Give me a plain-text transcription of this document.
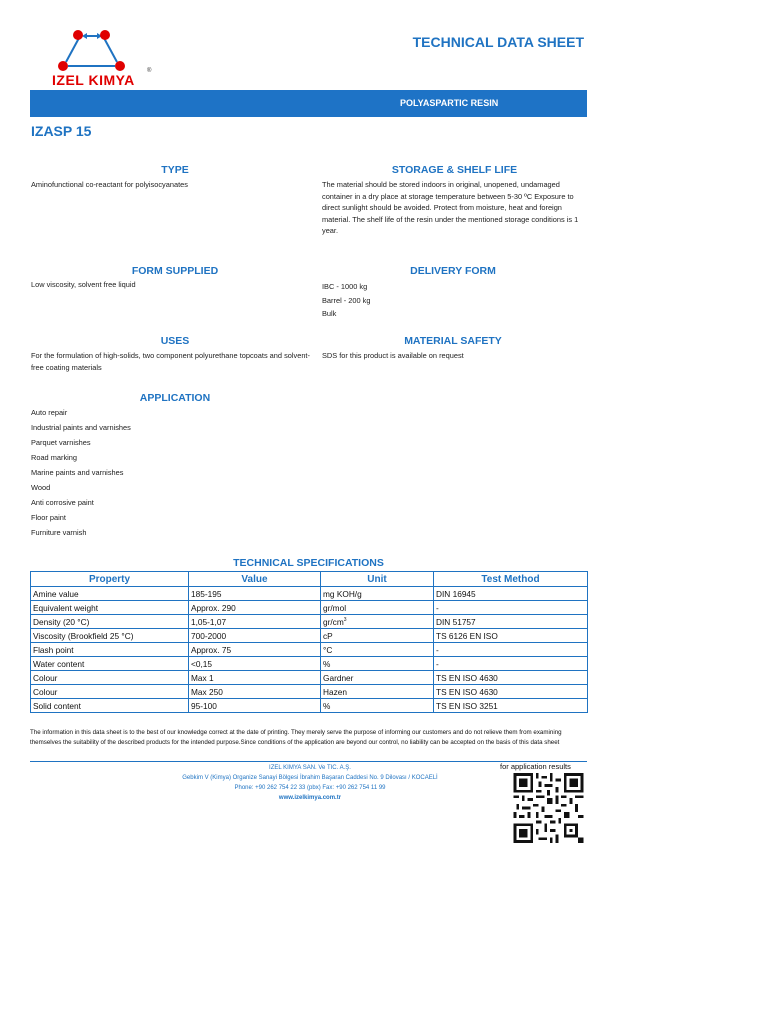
IZEL KIMYA
®
TECHNICAL DATA SHEET
POLYASPARTIC RESIN
IZASP 15
TYPE
Aminofunctional co-reactant for polyisocyanates
STORAGE & SHELF LIFE
The material should be stored indoors in original, unopened, undamaged container in a dry place at storage temperature between 5-30 ºC Exposure to direct sunlight should be avoided. Protect from moisture, heat and foreign material. The shelf life of the resin under the mentioned storage conditions is 1 year.
FORM SUPPLIED
Low viscosity, solvent free liquid
DELIVERY FORM
IBC - 1000 kg
Barrel - 200 kg
Bulk
USES
For the formulation of high-solids, two component polyurethane topcoats and solvent-free coating materials
MATERIAL SAFETY
SDS for this product is available on request
APPLICATION
Auto repair
Industrial paints and varnishes
Parquet varnishes
Road marking
Marine paints and varnishes
Wood
Anti corrosive paint
Floor paint
Furniture varnish
TECHNICAL SPECIFICATIONS
Property	Value	Unit	Test Method
Amine value	185-195	mg KOH/g	DIN 16945
Equivalent weight	Approx. 290	gr/mol	-
Density (20 °C)	1,05-1,07	$gr/cm^3$	DIN 51757
Viscosity (Brookfield 25 °C)	700-2000	cP	TS 6126 EN ISO
Flash point	Approx. 75	°C	-
Water content	<0,15	%	-
Colour	Max 1	Gardner	TS EN ISO 4630
Colour	Max 250	Hazen	TS EN ISO 4630
Solid content	95-100	%	TS EN ISO 3251
The information in this data sheet is to the best of our knowledge correct at the date of printing. They merely serve the purpose of informing our customers and do not relieve them from examining themselves the suitability of the described products for the intended purpose.Since conditions of the application are beyond our control, no liability can be accepted on the basis of this data sheet
IZEL KIMYA SAN. Ve TIC. A.Ş.
Gebkim V (Kimya) Organize Sanayi Bölgesi İbrahim Başaran Caddesi No. 9 Dilovası / KOCAELİ
Phone: +90 262 754 22 33 (pbx) Fax: +90 262 754 11 99
www.izelkimya.com.tr
for application results
